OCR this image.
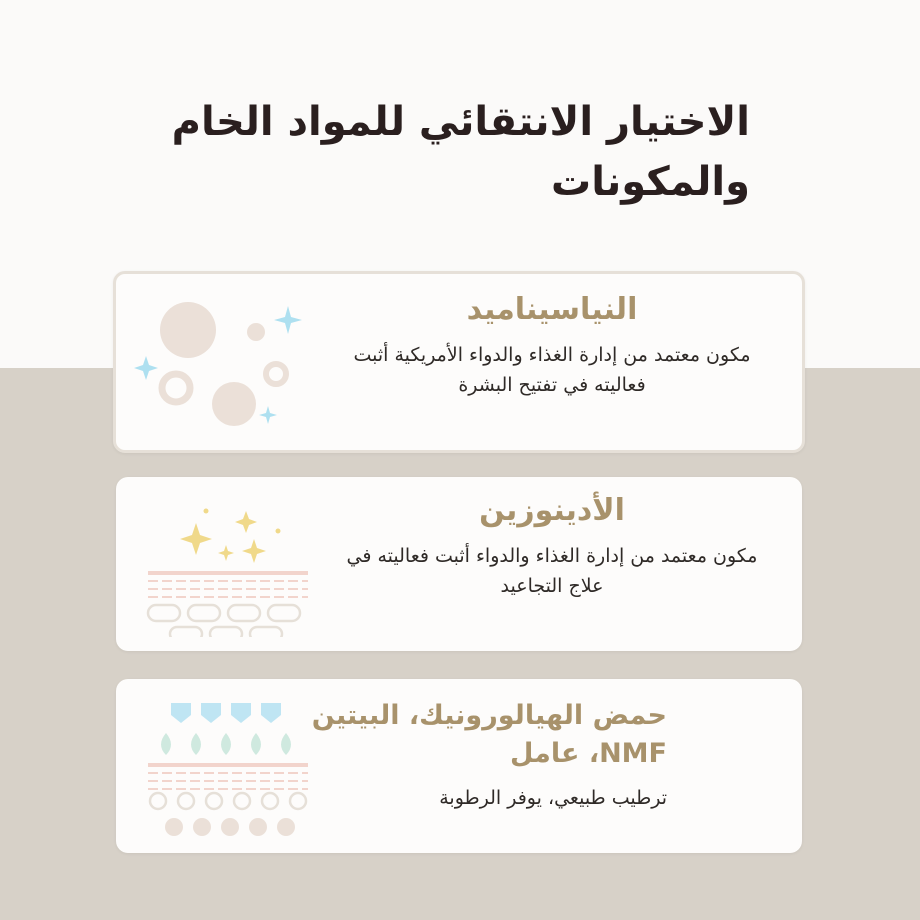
الاختيار الانتقائي للمواد الخام والمكونات

النياسيناميد

مكون معتمد من إدارة الغذاء والدواء الأمريكية أثبت فعاليته في تفتيح البشرة

الأدينوزين

مكون معتمد من إدارة الغذاء والدواء أثبت فعاليته في علاج التجاعيد

حمض الهيالورونيك، البيتين NMF، عامل

ترطيب طبيعي، يوفر الرطوبة
